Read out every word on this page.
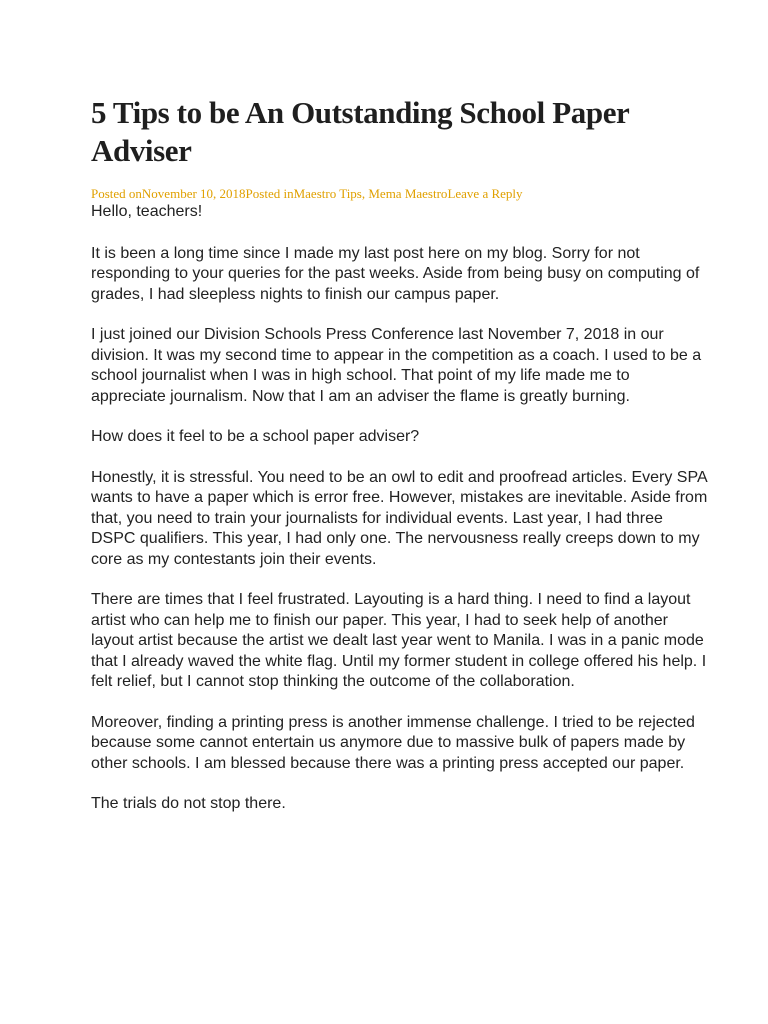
5 Tips to be An Outstanding School Paper Adviser
Posted onNovember 10, 2018Posted inMaestro Tips, Mema MaestroLeave a Reply

Hello, teachers!

It is been a long time since I made my last post here on my blog. Sorry for not responding to your queries for the past weeks. Aside from being busy on computing of grades, I had sleepless nights to finish our campus paper.

I just joined our Division Schools Press Conference last November 7, 2018 in our division. It was my second time to appear in the competition as a coach. I used to be a school journalist when I was in high school. That point of my life made me to appreciate journalism. Now that I am an adviser the flame is greatly burning.

How does it feel to be a school paper adviser?

Honestly, it is stressful. You need to be an owl to edit and proofread articles. Every SPA wants to have a paper which is error free. However, mistakes are inevitable. Aside from that, you need to train your journalists for individual events. Last year, I had three DSPC qualifiers. This year, I had only one. The nervousness really creeps down to my core as my contestants join their events.

There are times that I feel frustrated. Layouting is a hard thing. I need to find a layout artist who can help me to finish our paper. This year, I had to seek help of another layout artist because the artist we dealt last year went to Manila. I was in a panic mode that I already waved the white flag. Until my former student in college offered his help. I felt relief, but I cannot stop thinking the outcome of the collaboration.

Moreover, finding a printing press is another immense challenge. I tried to be rejected because some cannot entertain us anymore due to massive bulk of papers made by other schools. I am blessed because there was a printing press accepted our paper.

The trials do not stop there.
